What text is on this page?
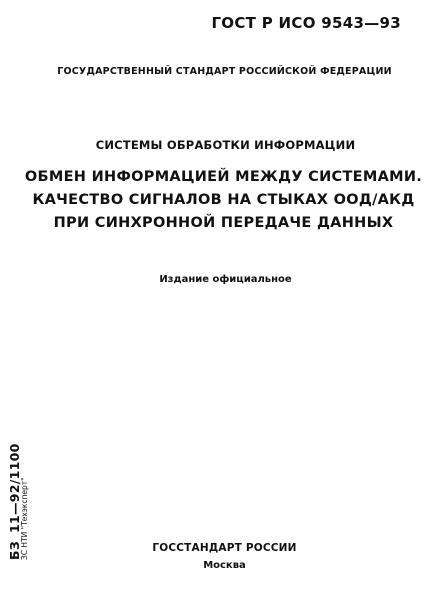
ГОСТ Р ИСО 9543—93
ГОСУДАРСТВЕННЫЙ СТАНДАРТ РОССИЙСКОЙ ФЕДЕРАЦИИ
СИСТЕМЫ ОБРАБОТКИ ИНФОРМАЦИИ
ОБМЕН ИНФОРМАЦИЕЙ МЕЖДУ СИСТЕМАМИ.
КАЧЕСТВО СИГНАЛОВ НА СТЫКАХ ООД/АКД
ПРИ СИНХРОННОЙ ПЕРЕДАЧЕ ДАННЫХ
Издание официальное
БЗ11—92/1100
ЗС НТИ "Техэксперт"	ГОССТАНДАРТ РОССИИ
Москва
